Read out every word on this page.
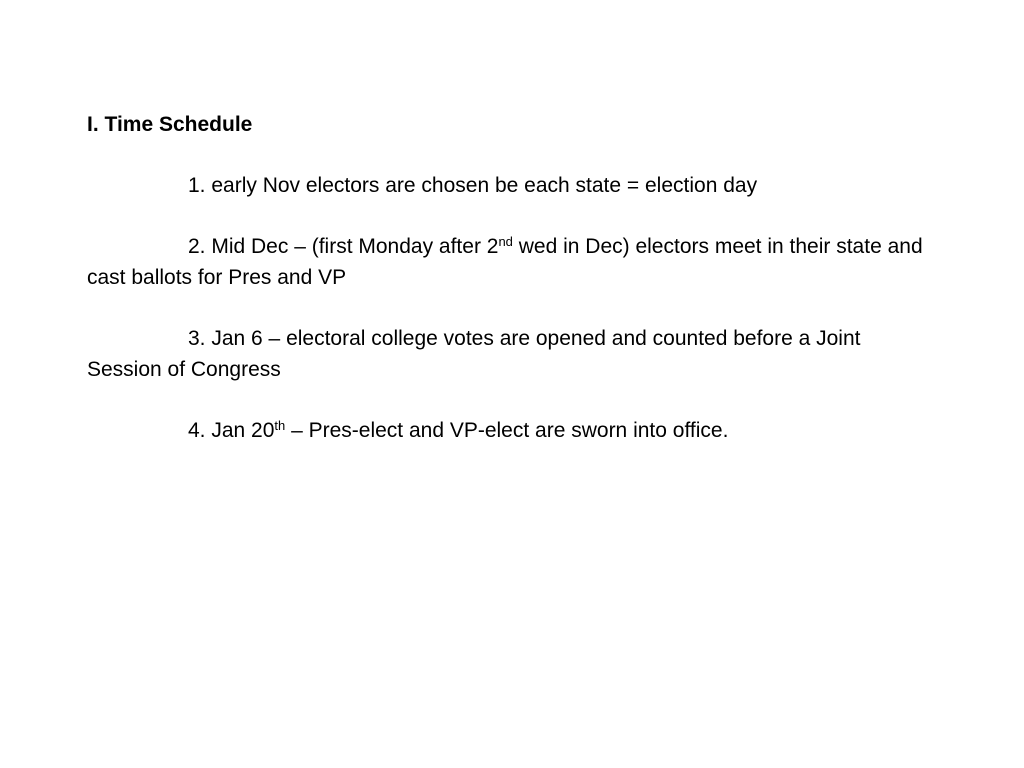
I. Time Schedule

1. early Nov electors are chosen be each state = election day

2. Mid Dec – (first Monday after 2nd wed in Dec) electors meet in their state and cast ballots for Pres and VP

3. Jan 6 – electoral college votes are opened and counted before a Joint Session of Congress

4. Jan 20th – Pres-elect and VP-elect are sworn into office.
